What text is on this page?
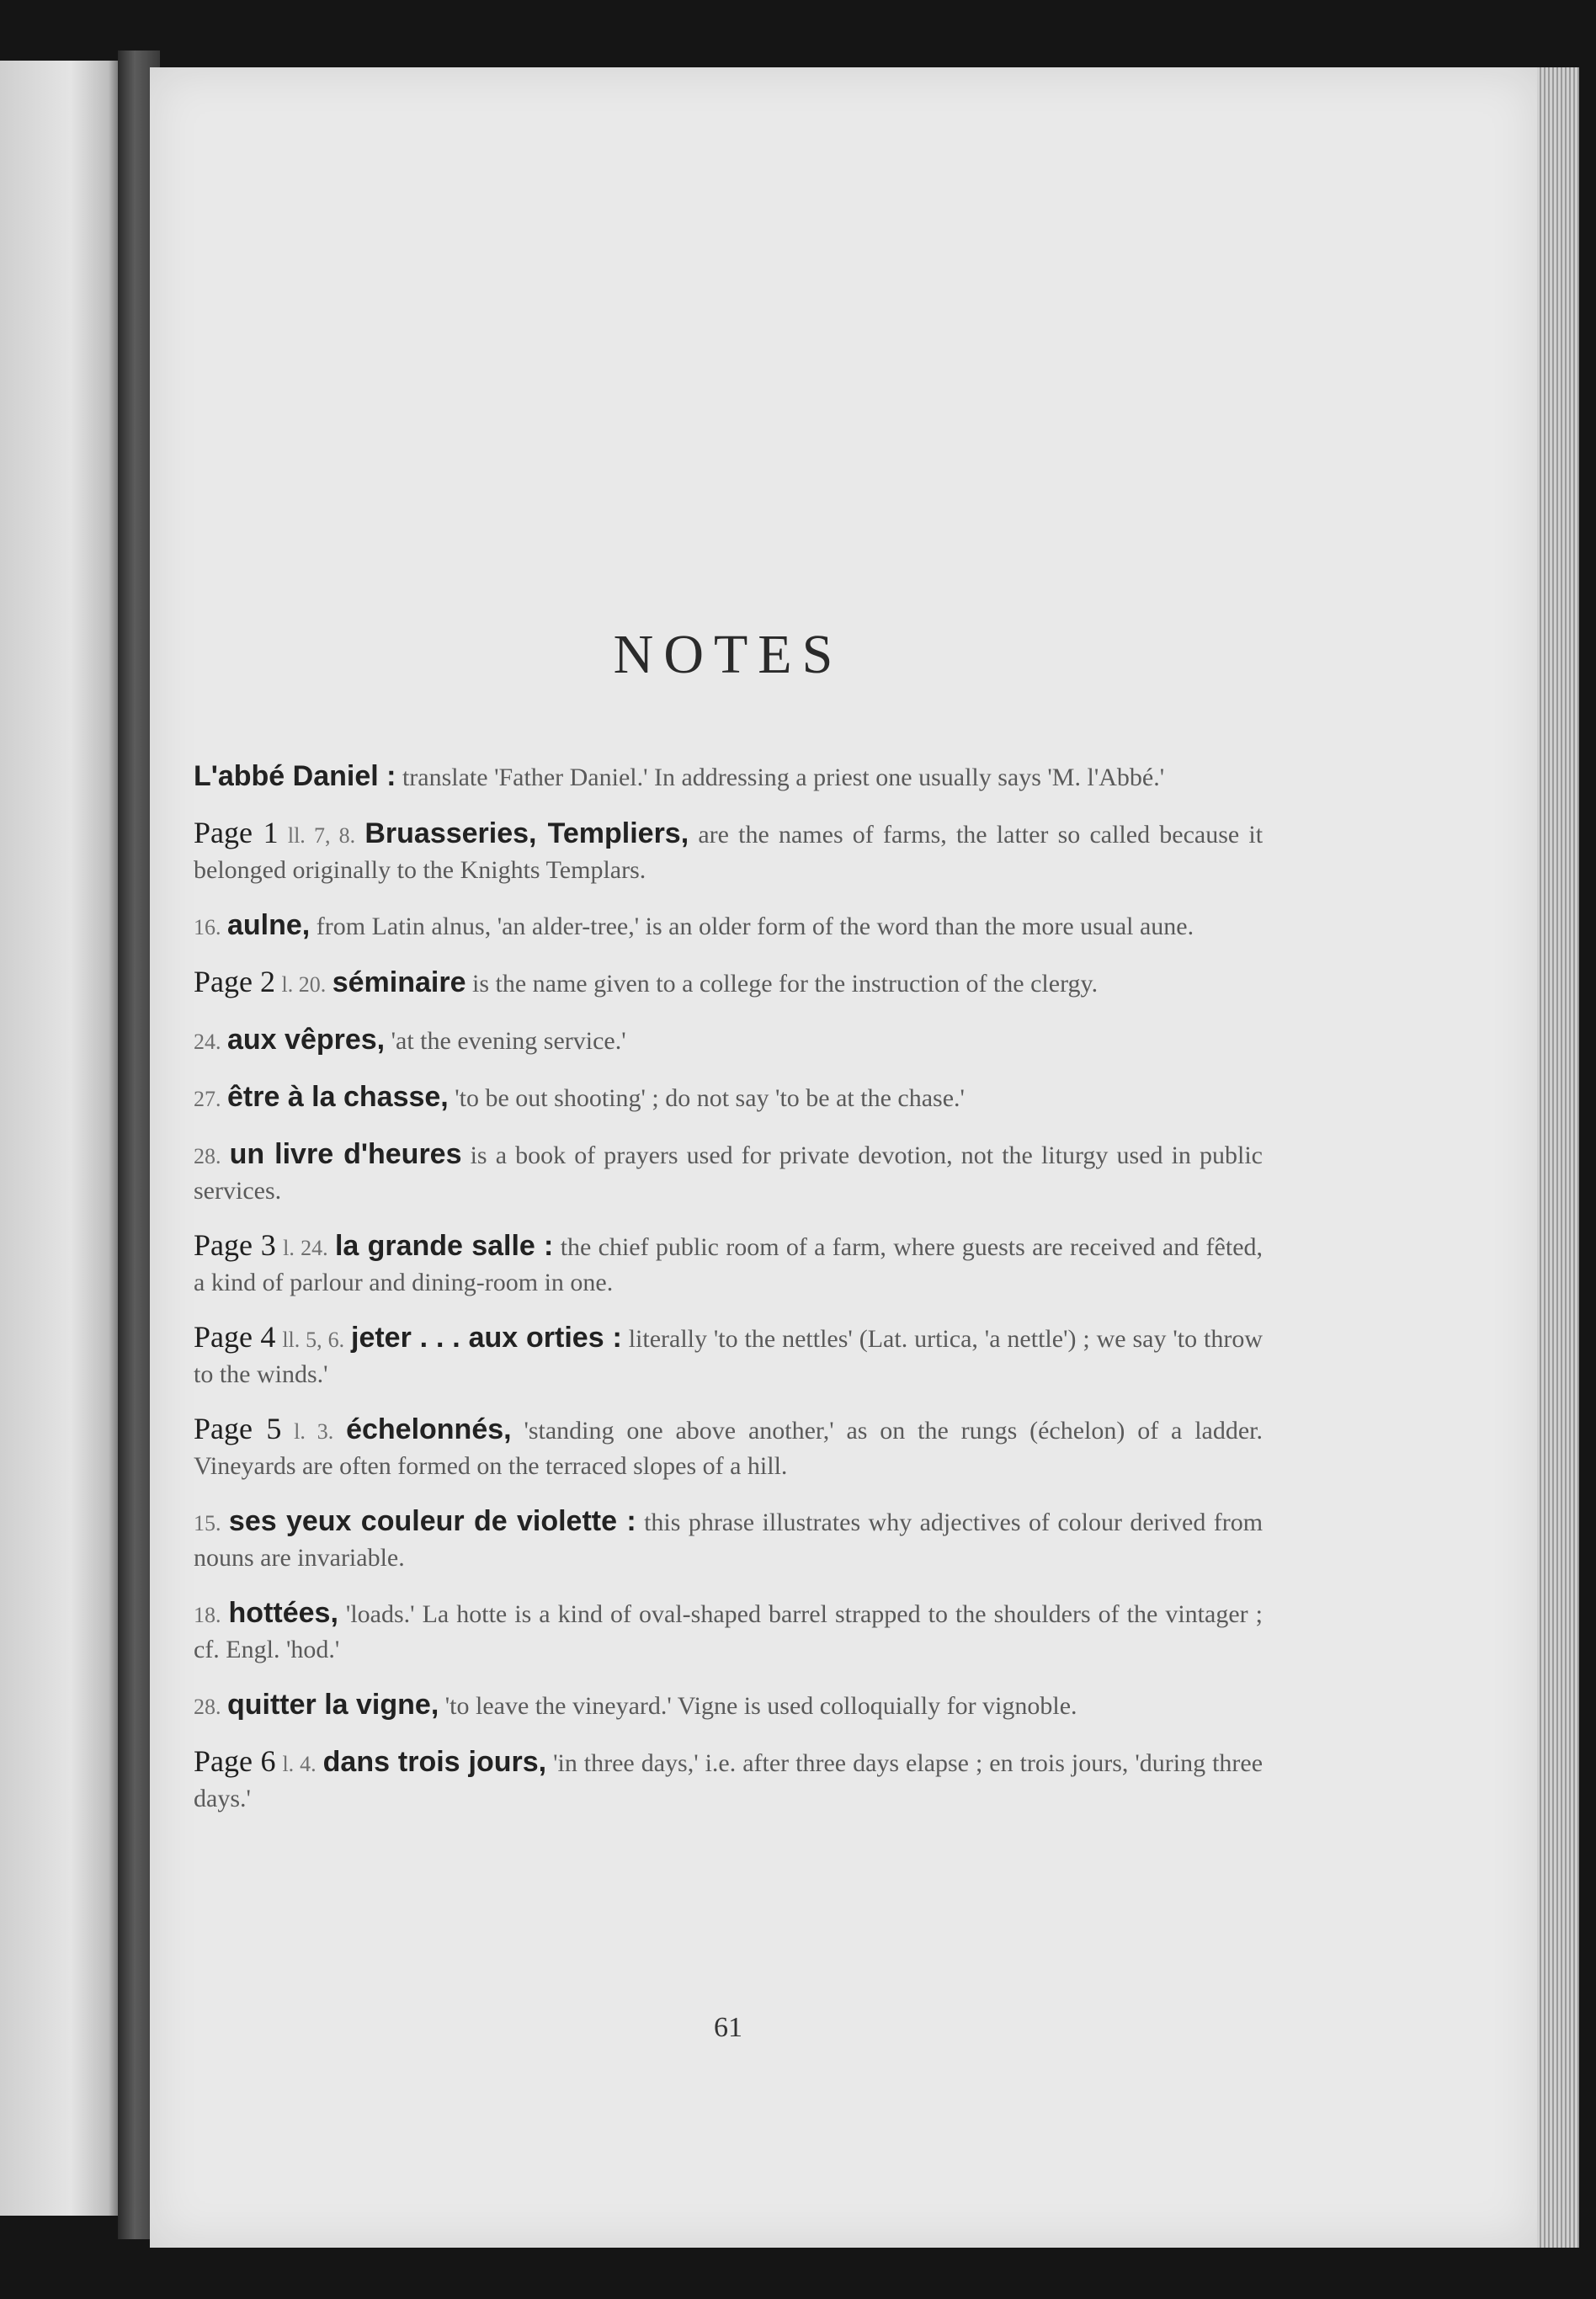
NOTES

L'abbé Daniel : translate 'Father Daniel.' In addressing a priest one usually says 'M. l'Abbé.'

Page 1 ll. 7, 8. Bruasseries, Templiers, are the names of farms, the latter so called because it belonged originally to the Knights Templars.

16. aulne, from Latin alnus, 'an alder-tree,' is an older form of the word than the more usual aune.

Page 2 l. 20. séminaire is the name given to a college for the instruction of the clergy.

24. aux vêpres, 'at the evening service.'

27. être à la chasse, 'to be out shooting' ; do not say 'to be at the chase.'

28. un livre d'heures is a book of prayers used for private devotion, not the liturgy used in public services.

Page 3 l. 24. la grande salle : the chief public room of a farm, where guests are received and fêted, a kind of parlour and dining-room in one.

Page 4 ll. 5, 6. jeter . . . aux orties : literally 'to the nettles' (Lat. urtica, 'a nettle') ; we say 'to throw to the winds.'

Page 5 l. 3. échelonnés, 'standing one above another,' as on the rungs (échelon) of a ladder. Vineyards are often formed on the terraced slopes of a hill.

15. ses yeux couleur de violette : this phrase illustrates why adjectives of colour derived from nouns are invariable.

18. hottées, 'loads.' La hotte is a kind of oval-shaped barrel strapped to the shoulders of the vintager ; cf. Engl. 'hod.'

28. quitter la vigne, 'to leave the vineyard.' Vigne is used colloquially for vignoble.

Page 6 l. 4. dans trois jours, 'in three days,' i.e. after three days elapse ; en trois jours, 'during three days.'

61
